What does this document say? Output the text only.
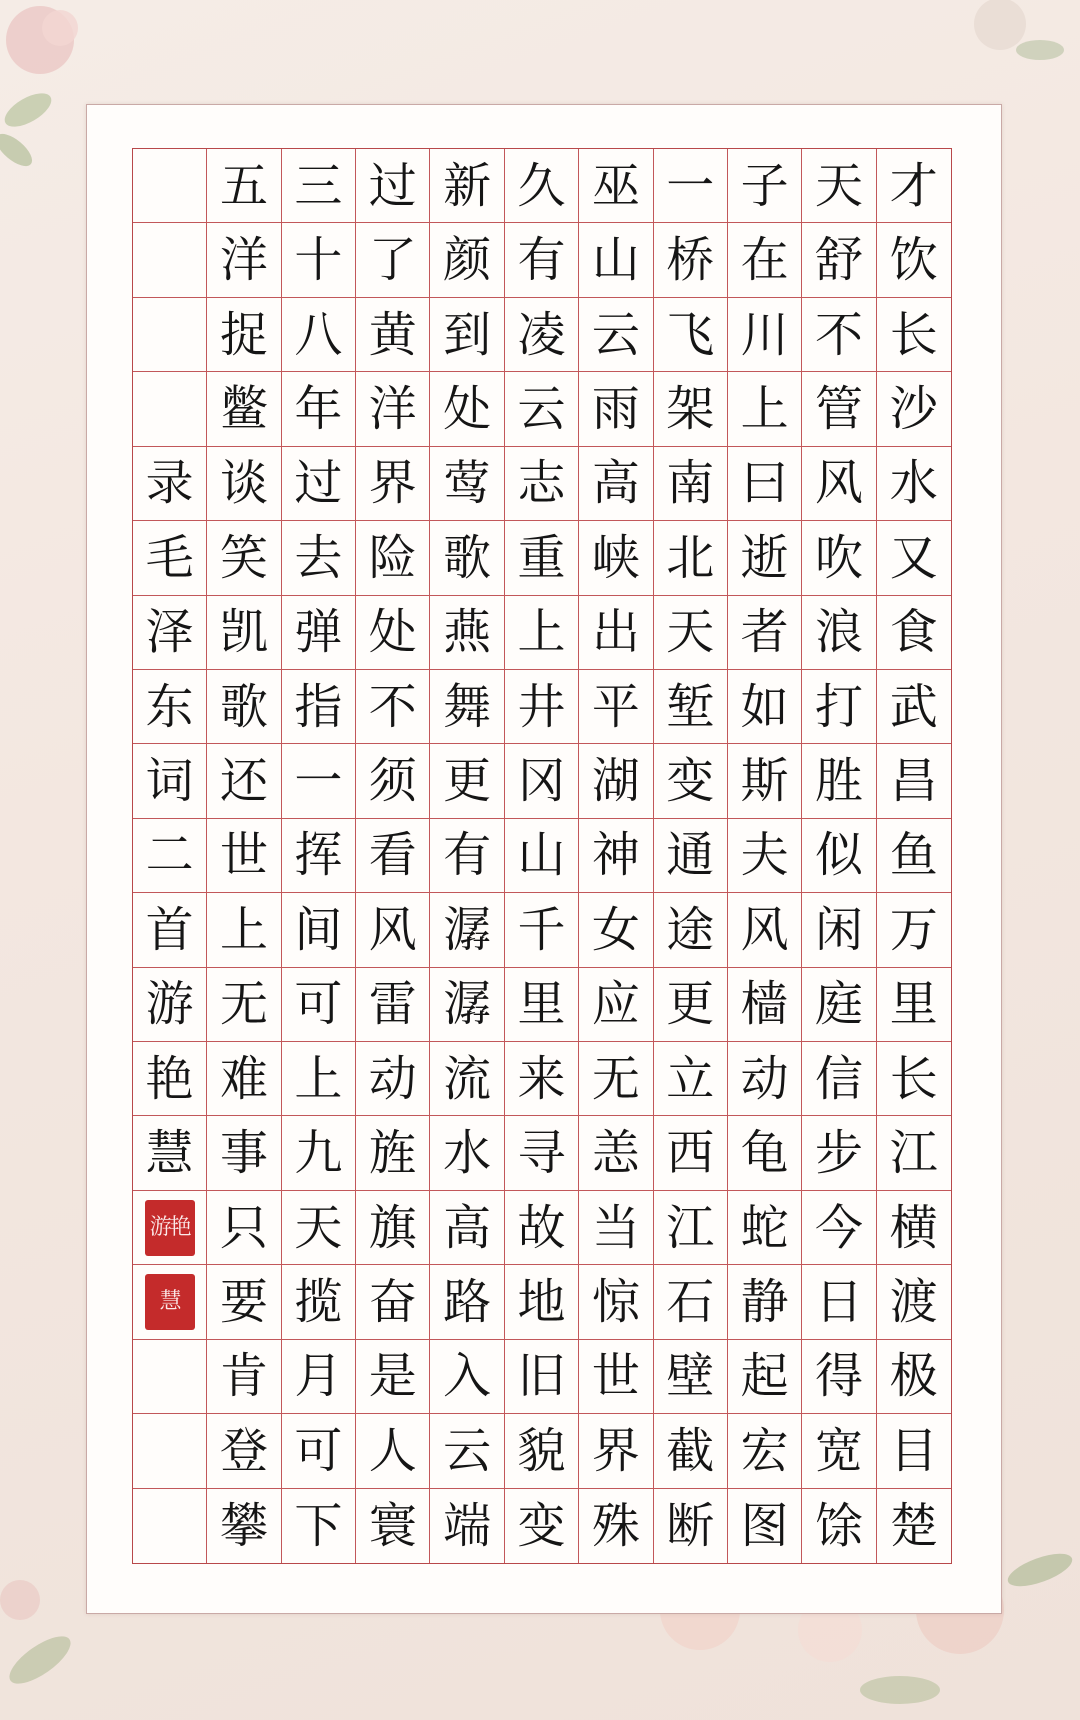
五 三 过 新 久 巫 一 子 天 才
洋 十 了 颜 有 山 桥 在 舒 饮
捉 八 黄 到 凌 云 飞 川 不 长
鳖 年 洋 处 云 雨 架 上 管 沙
录 谈 过 界 莺 志 高 南 曰 风 水
毛 笑 去 险 歌 重 峡 北 逝 吹 又
泽 凯 弹 处 燕 上 出 天 者 浪 食
东 歌 指 不 舞 井 平 堑 如 打 武
词 还 一 须 更 冈 湖 变 斯 胜 昌
二 世 挥 看 有 山 神 通 夫 似 鱼
首 上 间 风 潺 千 女 途 风 闲 万
游 无 可 雷 潺 里 应 更 樯 庭 里
艳 难 上 动 流 来 无 立 动 信 长
慧 事 九 旌 水 寻 恙 西 龟 步 江
游艳 只 天 旗 高 故 当 江 蛇 今 横
慧 要 揽 奋 路 地 惊 石 静 日 渡
肯 月 是 入 旧 世 壁 起 得 极
登 可 人 云 貌 界 截 宏 宽 目
攀 下 寰 端 变 殊 断 图 馀 楚
